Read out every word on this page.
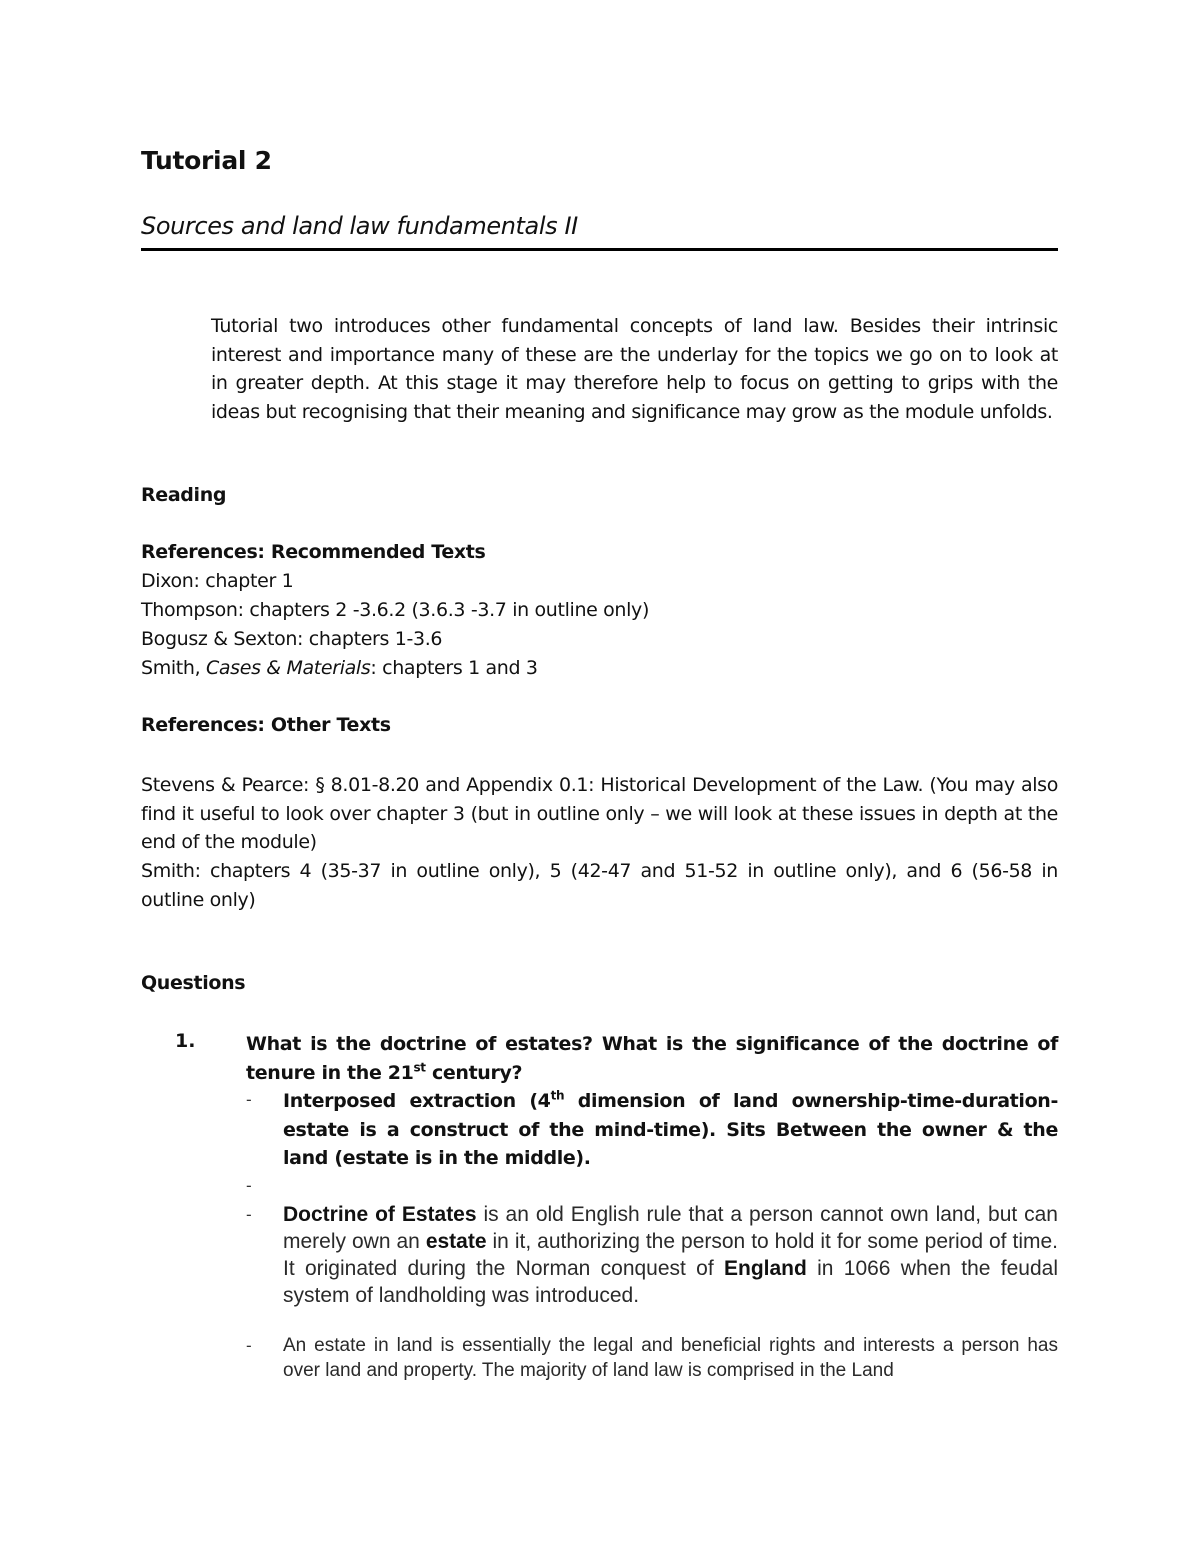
Tutorial 2
Sources and land law fundamentals II
Tutorial two introduces other fundamental concepts of land law. Besides their intrinsic interest and importance many of these are the underlay for the topics we go on to look at in greater depth. At this stage it may therefore help to focus on getting to grips with the ideas but recognising that their meaning and significance may grow as the module unfolds.
Reading
References: Recommended Texts
Dixon: chapter 1
Thompson: chapters 2 -3.6.2 (3.6.3 -3.7 in outline only)
Bogusz & Sexton: chapters 1-3.6
Smith, Cases & Materials: chapters 1 and 3
References: Other Texts
Stevens & Pearce: § 8.01-8.20 and Appendix 0.1: Historical Development of the Law. (You may also find it useful to look over chapter 3 (but in outline only – we will look at these issues in depth at the end of the module)
Smith: chapters 4 (35-37 in outline only), 5 (42-47 and 51-52 in outline only), and 6 (56-58 in outline only)
Questions
1.	What is the doctrine of estates? What is the significance of the doctrine of tenure in the 21st century?
- Interposed extraction (4th dimension of land ownership-time-duration-estate is a construct of the mind-time). Sits Between the owner & the land (estate is in the middle).
-
- Doctrine of Estates is an old English rule that a person cannot own land, but can merely own an estate in it, authorizing the person to hold it for some period of time. It originated during the Norman conquest of England in 1066 when the feudal system of landholding was introduced.
- An estate in land is essentially the legal and beneficial rights and interests a person has over land and property. The majority of land law is comprised in the Land
